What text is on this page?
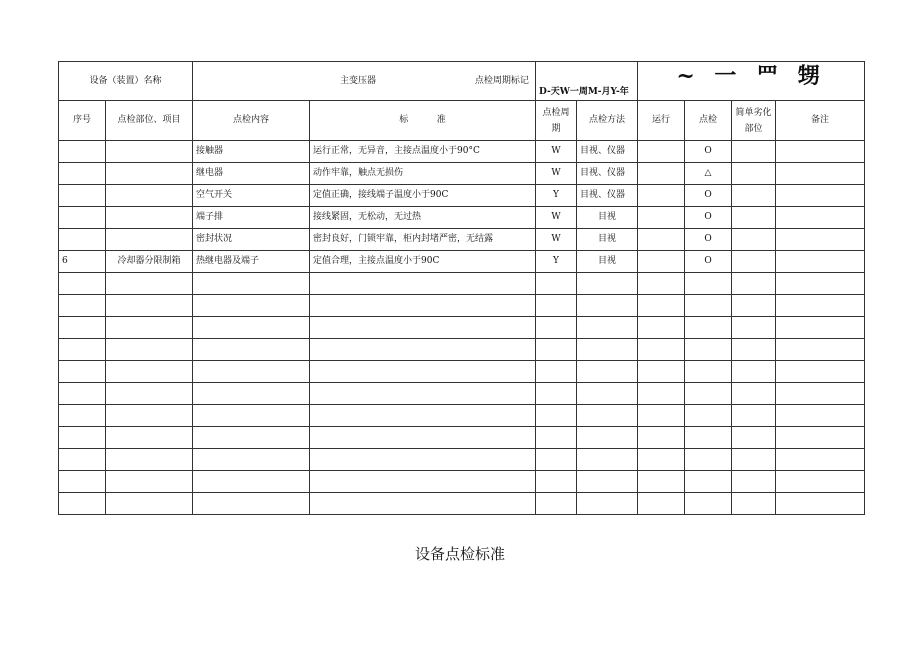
设备（装置）名称		主变压器 点检周期标记		D-天W一周M-月Y-年		~ 一 罒 甥			
序号	点检部位、项目	点检内容	标          准	点检周期	点检方法	运行	点检	简单劣化部位	备注
		接触器	运行正常，无异音，主接点温度小于90°C	W	目视、仪器		O		
		继电器	动作牢靠，触点无损伤	W	目视、仪器		△		
		空气开关	定值正确，接线端子温度小于90C	Y	目视、仪器		O		
		端子排	接线紧固，无松动，无过热	W	目视		O		
		密封状况	密封良好，门锁牢靠，柜内封堵严密，无结露	W	目视		O		
6	冷却器分限制箱	热继电器及端子	定值合理，主接点温度小于90C	Y	目视		O		

设备点检标准
